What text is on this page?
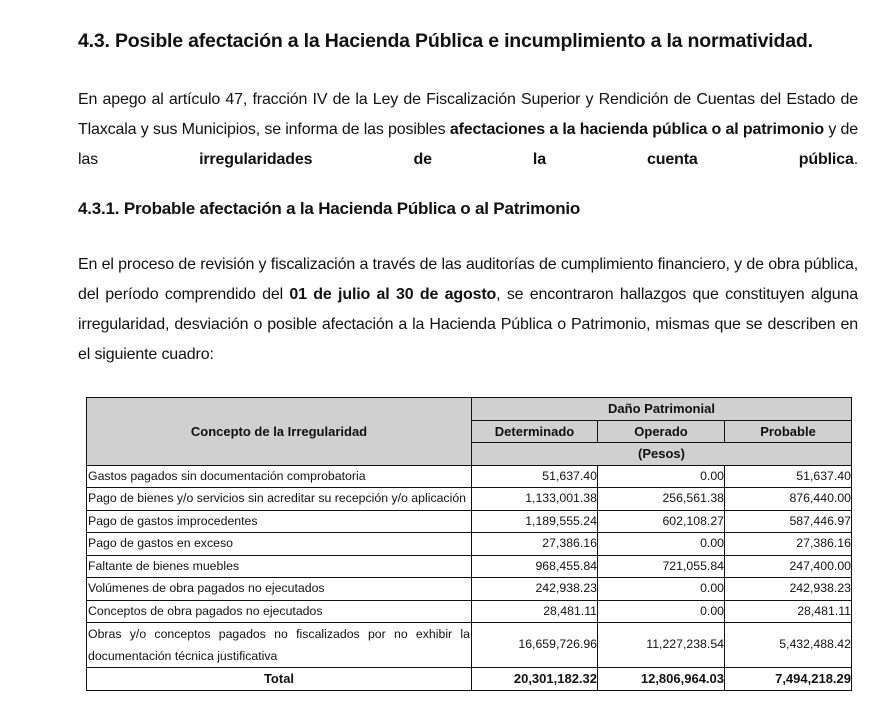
4.3. Posible afectación a la Hacienda Pública e incumplimiento a la normatividad.
En apego al artículo 47, fracción IV de la Ley de Fiscalización Superior y Rendición de Cuentas del Estado de Tlaxcala y sus Municipios, se informa de las posibles afectaciones a la hacienda pública o al patrimonio y de las irregularidades de la cuenta pública.
4.3.1. Probable afectación a la Hacienda Pública o al Patrimonio
En el proceso de revisión y fiscalización a través de las auditorías de cumplimiento financiero, y de obra pública, del período comprendido del 01 de julio al 30 de agosto, se encontraron hallazgos que constituyen alguna irregularidad, desviación o posible afectación a la Hacienda Pública o Patrimonio, mismas que se describen en el siguiente cuadro:
Concepto de la Irregularidad	Daño Patrimonial		
	Determinado	Operado	Probable
	(Pesos)		
Gastos pagados sin documentación comprobatoria	51,637.40	0.00	51,637.40
Pago de bienes y/o servicios sin acreditar su recepción y/o aplicación	1,133,001.38	256,561.38	876,440.00
Pago de gastos improcedentes	1,189,555.24	602,108.27	587,446.97
Pago de gastos en exceso	27,386.16	0.00	27,386.16
Faltante de bienes muebles	968,455.84	721,055.84	247,400.00
Volúmenes de obra pagados no ejecutados	242,938.23	0.00	242,938.23
Conceptos de obra pagados no ejecutados	28,481.11	0.00	28,481.11
Obras y/o conceptos pagados no fiscalizados por no exhibir la documentación técnica justificativa	16,659,726.96	11,227,238.54	5,432,488.42
Total	20,301,182.32	12,806,964.03	7,494,218.29
